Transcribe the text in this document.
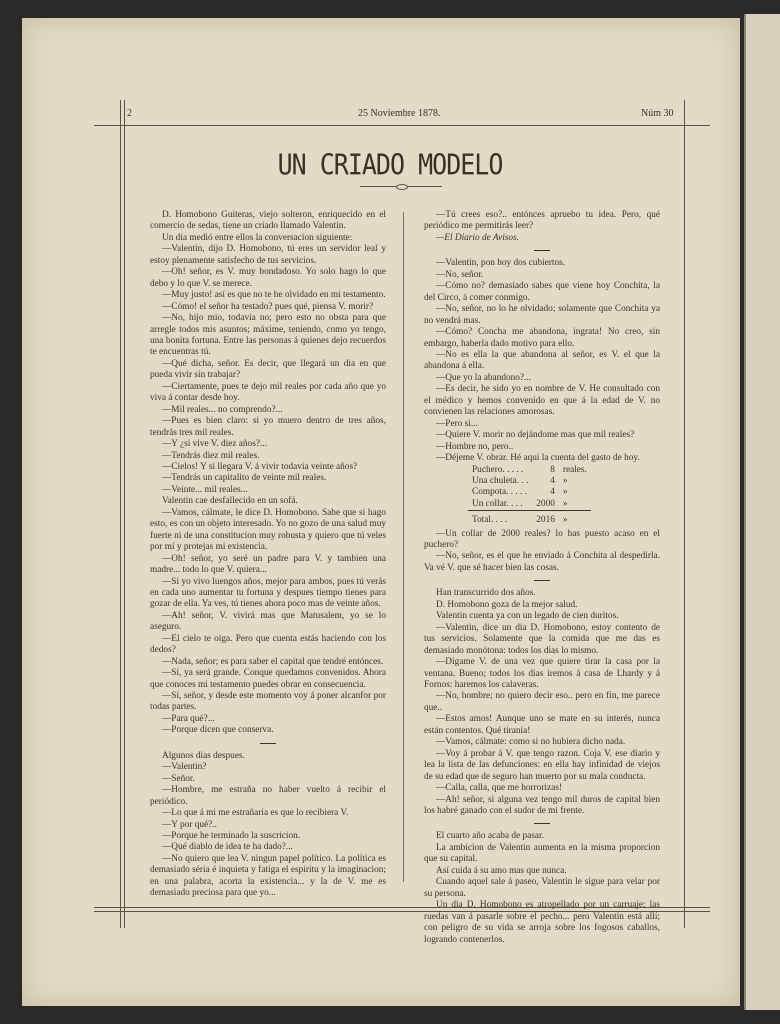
2	25 Noviembre 1878.	Núm 30
UN CRIADO MODELO

D. Homobono Guiteras, viejo solteron, enriquecido en el comercio de sedas, tiene un criado llamado Valentin.

Un dia medió entre ellos la conversacion siguiente:

—Valentin, dijo D. Homobono, tú eres un servidor leal y estoy plenamente satisfecho de tus servicios.

—Oh! señor, es V. muy bondadoso. Yo solo hago lo que debo y lo que V. se merece.

—Muy justo! así es que no te he olvidado en mi testamento.

—Cómo! el señor ha testado? pues qué, piensa V. morir?

—No, hijo mio, todavia no; pero esto no obsta para que arregle todos mis asuntos; máxime, teniendo, como yo tengo, una bonita fortuna. Entre las personas á quienes dejo recuerdos te encuentras tú.

—Qué dicha, señor. Es decir, que llegará un dia en que pueda vivir sin trabajar?

—Ciertamente, pues te dejo mil reales por cada año que yo viva á contar desde hoy.

—Mil reales... no comprendo?...

—Pues es bien claro: si yo muero dentro de tres años, tendrás tres mil reales.

—Y ¿si vive V. diez años?...

—Tendrás diez mil reales.

—Cielos! Y si llegara V. á vivir todavia veinte años?

—Tendrás un capitalito de veinte mil reales.

—Veinte... mil reales...

Valentin cae desfallecido en un sofá.

—Vamos, cálmate, le dice D. Homobono. Sabe que si hago esto, es con un objeto interesado. Yo no gozo de una salud muy fuerte ni de una constitucion muy robusta y quiero que tú veles por mí y protejas mi existencia.

—Oh! señor, yo seré un padre para V. y tambien una madre... todo lo que V. quiera...

—Si yo vivo luengos años, mejor para ambos, pues tú verás en cada uno aumentar tu fortuna y despues tiempo tienes para gozar de ella. Ya ves, tú tienes ahora poco mas de veinte años.

—Ah! señor, V. vivirá mas que Matusalem, yo se lo aseguro.

—El cielo te oiga. Pero que cuenta estás haciendo con los dedos?

—Nada, señor; es para saber el capital que tendré entónces.

—Sí, ya será grande. Conque quedamos convenidos. Ahora que conoces mi testamento puedes obrar en consecuencia.

—Sí, señor, y desde este momento voy á poner alcanfor por todas partes.

—Para qué?...

—Porque dicen que conserva.

Algunos dias despues.

—Valentin?

—Señor.

—Hombre, me estraña no haber vuelto á recibir el periódico.

—Lo que á mi me estrañaria es que lo recibiera V.

—Y por qué?..

—Porque he terminado la suscricion.

—Qué diablo de idea te ha dado?...

—No quiero que lea V. ningun papel político. La política es demasiado séria é inquieta y fatiga el espíritu y la imaginacion; en una palabra, acorta la existencia... y la de V. me es demasiado preciosa para que yo...

—Tú crees eso?.. entónces apruebo tu idea. Pero, qué periódico me permitirás leer?

—El Diario de Avisos.

—Valentin, pon hoy dos cubiertos.

—No, señor.

—Cómo no? demasiado sabes que viene hoy Conchita, la del Circo, á comer conmigo.

—No, señor, no lo he olvidado; solamente que Conchita ya no vendrá mas.

—Cómo? Concha me abandona, ingrata! No creo, sin embargo, haberla dado motivo para ello.

—No es ella la que abandona al señor, es V. el que la abandona á ella.

—Que yo la abandono?...

—Es decir, he sido yo en nombre de V. He consultado con el médico y hemos convenido en que á la edad de V. no convienen las relaciones amorosas.

—Pero si...

—Quiere V. morir no dejándome mas que mil reales?

—Hombre no, pero..

—Déjeme V. obrar. Hé aquí la cuenta del gasto de hoy.

Puchero. . . . .	8	reales.
Una chuleta. . .	4	»
Compota. . . . .	4	»
Un collar. . . .	2000	»
Total. . . .	2016	»

—Un collar de 2000 reales? lo has puesto acaso en el puchero?

—No, señor, es el que he enviado á Conchita al despedirla. Va vé V. que sé hacer bien las cosas.

Han transcurrido dos años.

D. Homobono goza de la mejor salud.

Valentin cuenta ya con un legado de cien duritos.

—Valentin, dice un dia D. Homobono, estoy contento de tus servicios. Solamente que la comida que me das es demasiado monótona: todos los dias lo mismo.

—Dígame V. de una vez que quiere tirar la casa por la ventana. Bueno; todos los dias iremos á casa de Lhardy y á Fornos: haremos los calaveras.

—No, hombre; no quiero decir eso.. pero en fin, me parece que..

—Estos amos! Aunque uno se mate en su interés, nunca están contentos. Qué tiranía!

—Vamos, cálmate: como si no hubiera dicho nada.

—Voy á probar á V. que tengo razon. Coja V. ese diario y lea la lista de las defunciones: en ella hay infinidad de viejos de su edad que de seguro han muerto por su mala conducta.

—Calla, calla, que me horrorizas!

—Ah! señor, si alguna vez tengo mil duros de capital bien los habré ganado con el sudor de mi frente.

El cuarto año acaba de pasar.

La ambicion de Valentin aumenta en la misma proporcion que su capital.

Así cuida á su amo mas que nunca.

Cuando aquel sale á paseo, Valentin le sigue para velar por su persona.

Un dia D. Homobono es atropellado por un carruaje: las ruedas van á pasarle sobre el pecho... pero Valentin está allí; con peligro de su vida se arroja sobre los fogosos caballos, logrando contenerlos.
